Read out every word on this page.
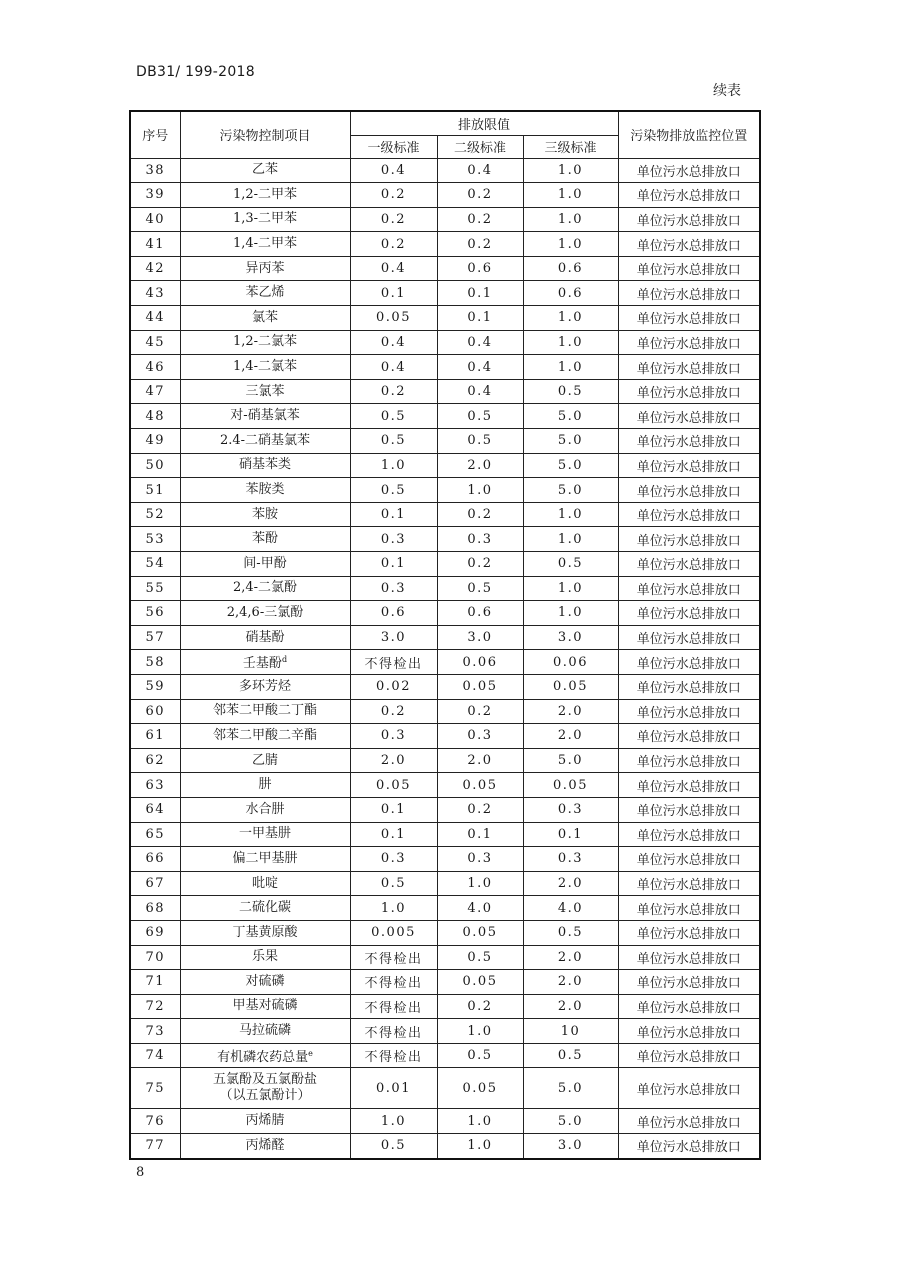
DB31/ 199-2018
续表
序号	污染物控制项目	排放限值			污染物排放监控位置
		一级标准	二级标准	三级标准	
38	乙苯	0.4	0.4	1.0	单位污水总排放口
39	1,2-二甲苯	0.2	0.2	1.0	单位污水总排放口
40	1,3-二甲苯	0.2	0.2	1.0	单位污水总排放口
41	1,4-二甲苯	0.2	0.2	1.0	单位污水总排放口
42	异丙苯	0.4	0.6	0.6	单位污水总排放口
43	苯乙烯	0.1	0.1	0.6	单位污水总排放口
44	氯苯	0.05	0.1	1.0	单位污水总排放口
45	1,2-二氯苯	0.4	0.4	1.0	单位污水总排放口
46	1,4-二氯苯	0.4	0.4	1.0	单位污水总排放口
47	三氯苯	0.2	0.4	0.5	单位污水总排放口
48	对-硝基氯苯	0.5	0.5	5.0	单位污水总排放口
49	2.4-二硝基氯苯	0.5	0.5	5.0	单位污水总排放口
50	硝基苯类	1.0	2.0	5.0	单位污水总排放口
51	苯胺类	0.5	1.0	5.0	单位污水总排放口
52	苯胺	0.1	0.2	1.0	单位污水总排放口
53	苯酚	0.3	0.3	1.0	单位污水总排放口
54	间-甲酚	0.1	0.2	0.5	单位污水总排放口
55	2,4-二氯酚	0.3	0.5	1.0	单位污水总排放口
56	2,4,6-三氯酚	0.6	0.6	1.0	单位污水总排放口
57	硝基酚	3.0	3.0	3.0	单位污水总排放口
58	壬基酚$^d$	不得检出	0.06	0.06	单位污水总排放口
59	多环芳烃	0.02	0.05	0.05	单位污水总排放口
60	邻苯二甲酸二丁酯	0.2	0.2	2.0	单位污水总排放口
61	邻苯二甲酸二辛酯	0.3	0.3	2.0	单位污水总排放口
62	乙腈	2.0	2.0	5.0	单位污水总排放口
63	肼	0.05	0.05	0.05	单位污水总排放口
64	水合肼	0.1	0.2	0.3	单位污水总排放口
65	一甲基肼	0.1	0.1	0.1	单位污水总排放口
66	偏二甲基肼	0.3	0.3	0.3	单位污水总排放口
67	吡啶	0.5	1.0	2.0	单位污水总排放口
68	二硫化碳	1.0	4.0	4.0	单位污水总排放口
69	丁基黄原酸	0.005	0.05	0.5	单位污水总排放口
70	乐果	不得检出	0.5	2.0	单位污水总排放口
71	对硫磷	不得检出	0.05	2.0	单位污水总排放口
72	甲基对硫磷	不得检出	0.2	2.0	单位污水总排放口
73	马拉硫磷	不得检出	1.0	10	单位污水总排放口
74	有机磷农药总量$^e$	不得检出	0.5	0.5	单位污水总排放口
75	五氯酚及五氯酚盐
（以五氯酚计）	0.01	0.05	5.0	单位污水总排放口
76	丙烯腈	1.0	1.0	5.0	单位污水总排放口
77	丙烯醛	0.5	1.0	3.0	单位污水总排放口
8
